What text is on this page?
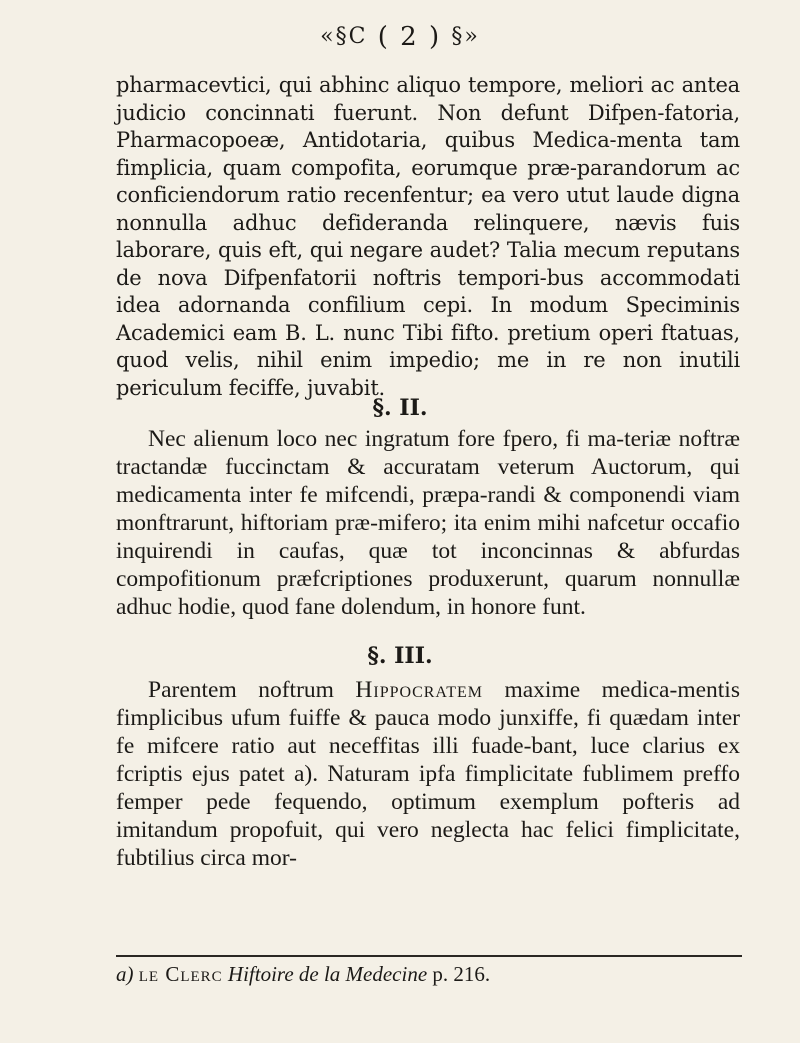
«§C ( 2 ) §»
pharmacevtici, qui abhinc aliquo tempore, meliori ac antea judicio concinnati fuerunt. Non defunt Difpen-fatoria, Pharmacopoeæ, Antidotaria, quibus Medica-menta tam fimplicia, quam compofita, eorumque præ-parandorum ac conficiendorum ratio recenfentur; ea vero utut laude digna nonnulla adhuc defideranda relinquere, nævis fuis laborare, quis eft, qui negare audet? Talia mecum reputans de nova Difpenfatorii noftris tempori-bus accommodati idea adornanda confilium cepi. In modum Speciminis Academici eam B. L. nunc Tibi fifto. pretium operi ftatuas, quod velis, nihil enim impedio; me in re non inutili periculum feciffe, juvabit.
§. II.
Nec alienum loco nec ingratum fore fpero, fi ma-teriæ noftræ tractandæ fuccinctam & accuratam veterum Auctorum, qui medicamenta inter fe mifcendi, præpa-randi & componendi viam monftrarunt, hiftoriam præ-mifero; ita enim mihi nafcetur occafio inquirendi in caufas, quæ tot inconcinnas & abfurdas compofitionum præfcriptiones produxerunt, quarum nonnullæ adhuc hodie, quod fane dolendum, in honore funt.
§. III.
Parentem noftrum Hippocratem maxime medica-mentis fimplicibus ufum fuiffe & pauca modo junxiffe, fi quædam inter fe mifcere ratio aut neceffitas illi fuade-bant, luce clarius ex fcriptis ejus patet a). Naturam ipfa fimplicitate fublimem preffo femper pede fequendo, optimum exemplum pofteris ad imitandum propofuit, qui vero neglecta hac felici fimplicitate, fubtilius circa mor-
a) le Clerc Hiftoire de la Medecine p. 216.
